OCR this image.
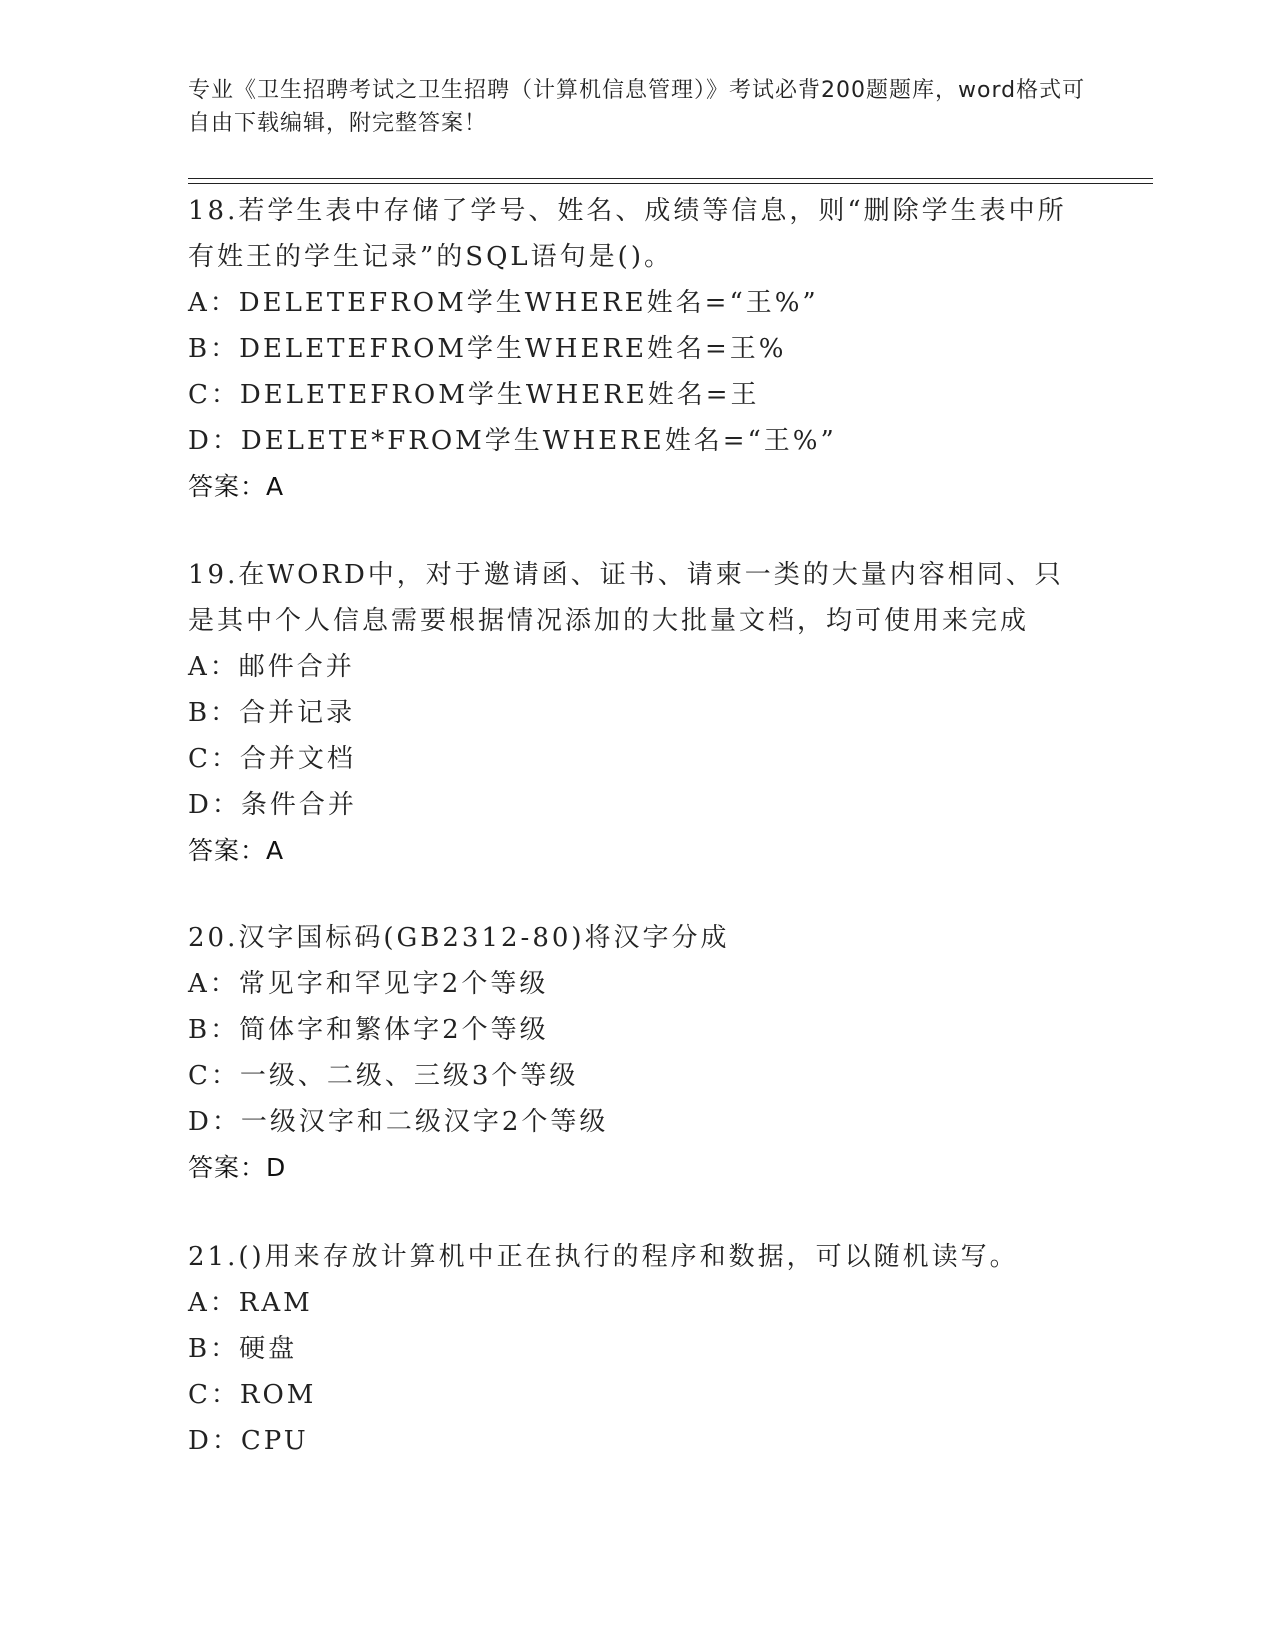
专业《卫生招聘考试之卫生招聘（计算机信息管理）》考试必背200题题库，word格式可自由下载编辑，附完整答案！
18.若学生表中存储了学号、姓名、成绩等信息，则“删除学生表中所有姓王的学生记录”的SQL语句是()。
A：DELETEFROM学生WHERE姓名=“王%”
B：DELETEFROM学生WHERE姓名=王%
C：DELETEFROM学生WHERE姓名=王
D：DELETE*FROM学生WHERE姓名=“王%”
答案：A
19.在WORD中，对于邀请函、证书、请柬一类的大量内容相同、只是其中个人信息需要根据情况添加的大批量文档，均可使用来完成
A：邮件合并
B：合并记录
C：合并文档
D：条件合并
答案：A
20.汉字国标码(GB2312-80)将汉字分成
A：常见字和罕见字2个等级
B：简体字和繁体字2个等级
C：一级、二级、三级3个等级
D：一级汉字和二级汉字2个等级
答案：D
21.()用来存放计算机中正在执行的程序和数据，可以随机读写。
A：RAM
B：硬盘
C：ROM
D：CPU
